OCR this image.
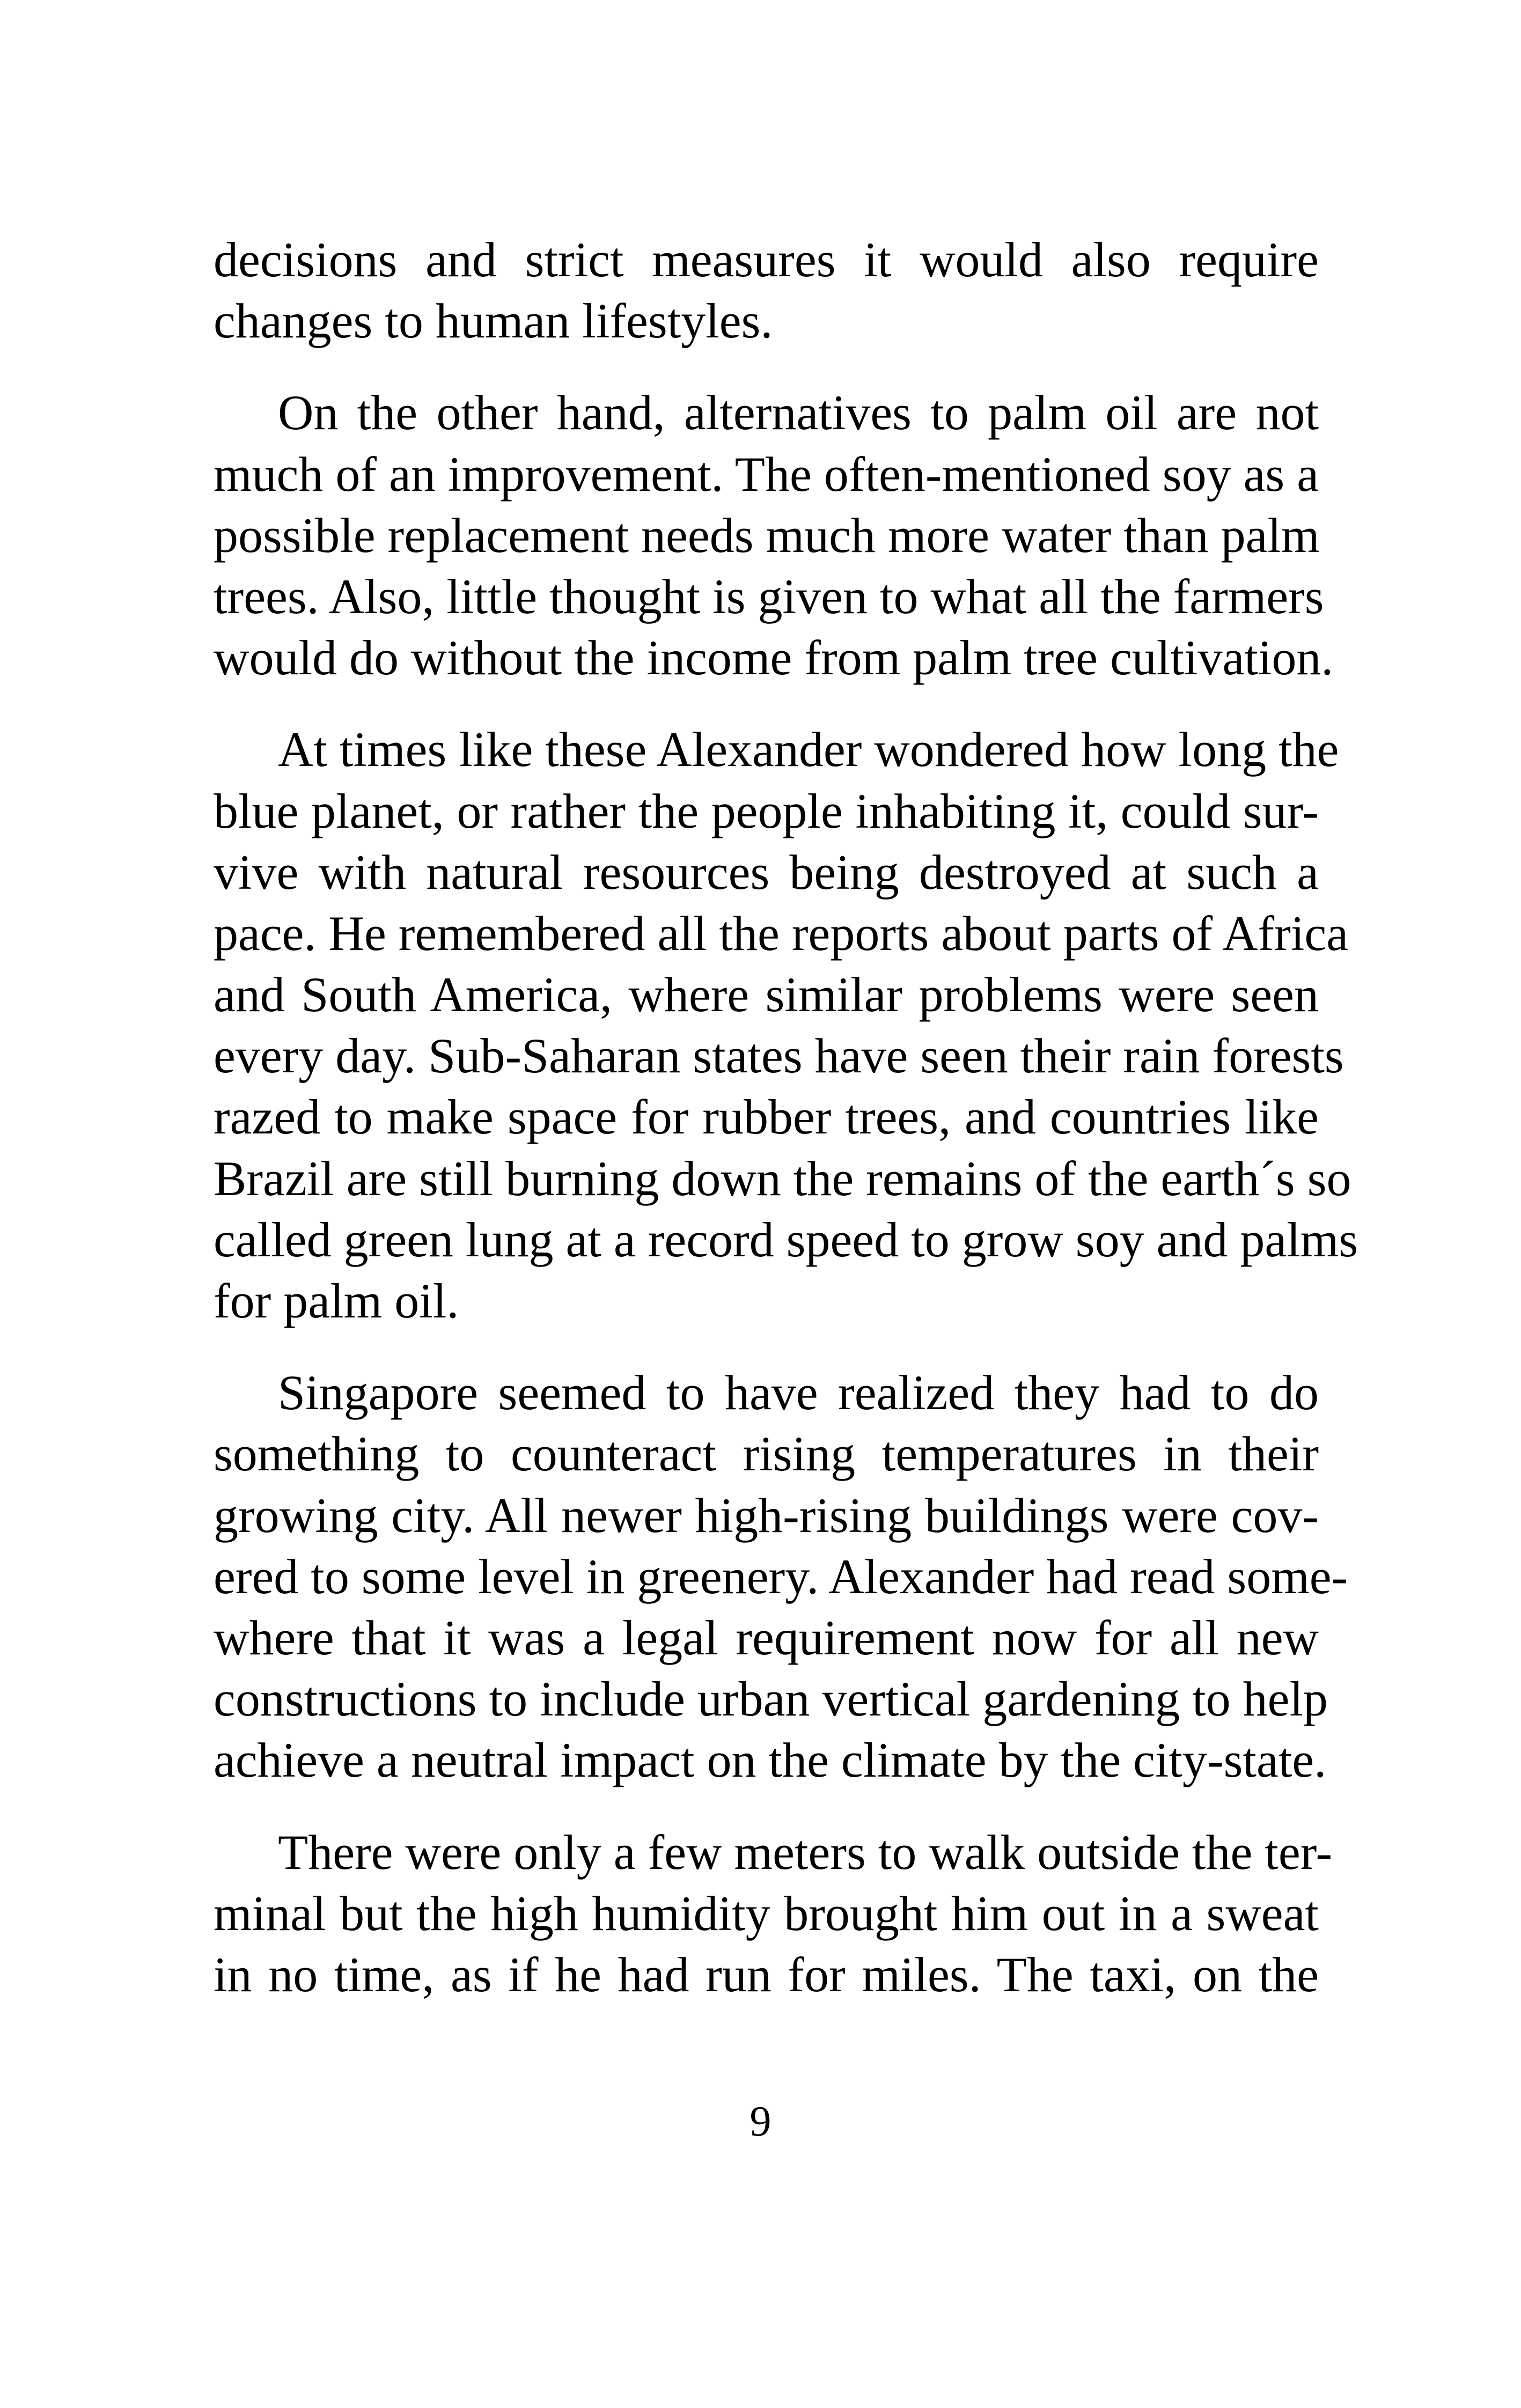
decisions and strict measures it would also require
changes to human lifestyles.
On the other hand, alternatives to palm oil are not
much of an improvement. The often-mentioned soy as a
possible replacement needs much more water than palm
trees. Also, little thought is given to what all the farmers
would do without the income from palm tree cultivation.
At times like these Alexander wondered how long the
blue planet, or rather the people inhabiting it, could sur-
vive with natural resources being destroyed at such a
pace. He remembered all the reports about parts of Africa
and South America, where similar problems were seen
every day. Sub-Saharan states have seen their rain forests
razed to make space for rubber trees, and countries like
Brazil are still burning down the remains of the earth´s so
called green lung at a record speed to grow soy and palms
for palm oil.
Singapore seemed to have realized they had to do
something to counteract rising temperatures in their
growing city. All newer high-rising buildings were cov-
ered to some level in greenery. Alexander had read some-
where that it was a legal requirement now for all new
constructions to include urban vertical gardening to help
achieve a neutral impact on the climate by the city-state.
There were only a few meters to walk outside the ter-
minal but the high humidity brought him out in a sweat
in no time, as if he had run for miles. The taxi, on the
9
